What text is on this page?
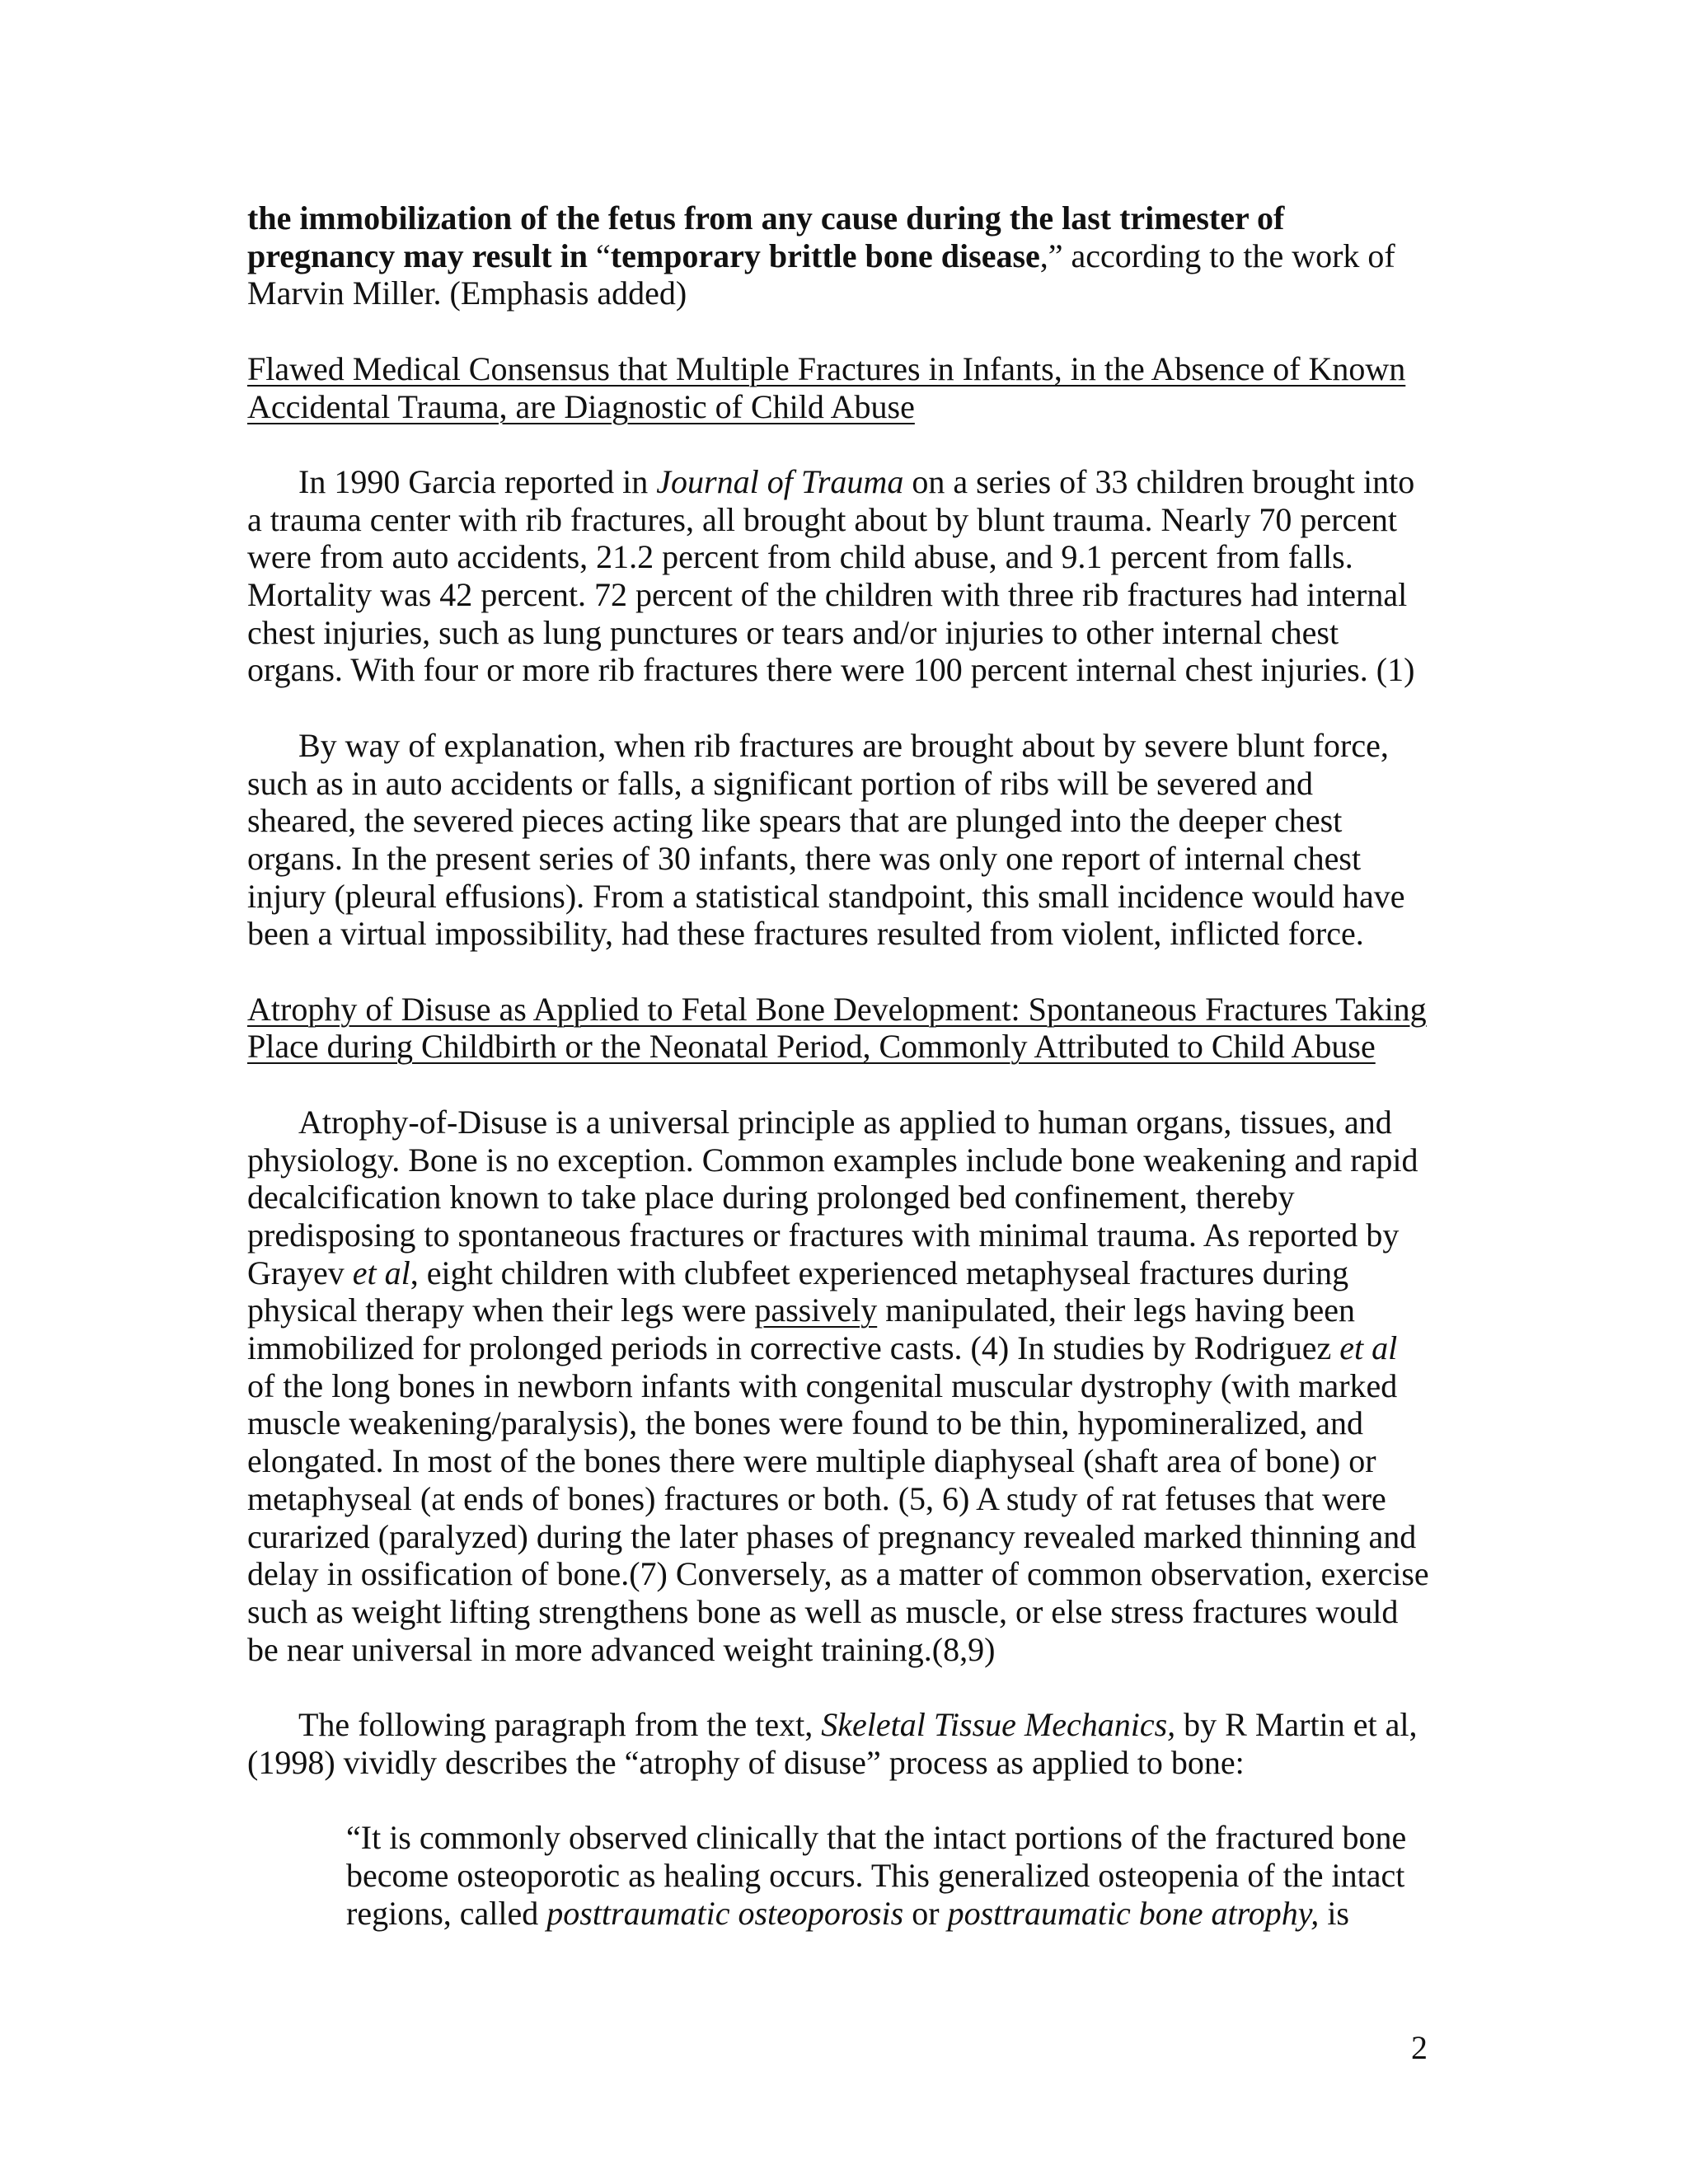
the immobilization of the fetus from any cause during the last trimester of pregnancy may result in “temporary brittle bone disease,” according to the work of Marvin Miller. (Emphasis added)

Flawed Medical Consensus that Multiple Fractures in Infants, in the Absence of Known Accidental Trauma, are Diagnostic of Child Abuse

In 1990 Garcia reported in Journal of Trauma on a series of 33 children brought into a trauma center with rib fractures, all brought about by blunt trauma. Nearly 70 percent were from auto accidents, 21.2 percent from child abuse, and 9.1 percent from falls. Mortality was 42 percent. 72 percent of the children with three rib fractures had internal chest injuries, such as lung punctures or tears and/or injuries to other internal chest organs. With four or more rib fractures there were 100 percent internal chest injuries. (1)

By way of explanation, when rib fractures are brought about by severe blunt force, such as in auto accidents or falls, a significant portion of ribs will be severed and sheared, the severed pieces acting like spears that are plunged into the deeper chest organs. In the present series of 30 infants, there was only one report of internal chest injury (pleural effusions). From a statistical standpoint, this small incidence would have been a virtual impossibility, had these fractures resulted from violent, inflicted force.

Atrophy of Disuse as Applied to Fetal Bone Development: Spontaneous Fractures Taking Place during Childbirth or the Neonatal Period, Commonly Attributed to Child Abuse

Atrophy-of-Disuse is a universal principle as applied to human organs, tissues, and physiology. Bone is no exception. Common examples include bone weakening and rapid decalcification known to take place during prolonged bed confinement, thereby predisposing to spontaneous fractures or fractures with minimal trauma. As reported by Grayev et al, eight children with clubfeet experienced metaphyseal fractures during physical therapy when their legs were passively manipulated, their legs having been immobilized for prolonged periods in corrective casts. (4) In studies by Rodriguez et al of the long bones in newborn infants with congenital muscular dystrophy (with marked muscle weakening/paralysis), the bones were found to be thin, hypomineralized, and elongated. In most of the bones there were multiple diaphyseal (shaft area of bone) or metaphyseal (at ends of bones) fractures or both. (5, 6) A study of rat fetuses that were curarized (paralyzed) during the later phases of pregnancy revealed marked thinning and delay in ossification of bone.(7) Conversely, as a matter of common observation, exercise such as weight lifting strengthens bone as well as muscle, or else stress fractures would be near universal in more advanced weight training.(8,9)

The following paragraph from the text, Skeletal Tissue Mechanics, by R Martin et al,(1998) vividly describes the “atrophy of disuse” process as applied to bone:

“It is commonly observed clinically that the intact portions of the fractured bone become osteoporotic as healing occurs. This generalized osteopenia of the intact regions, called posttraumatic osteoporosis or posttraumatic bone atrophy, is

2
